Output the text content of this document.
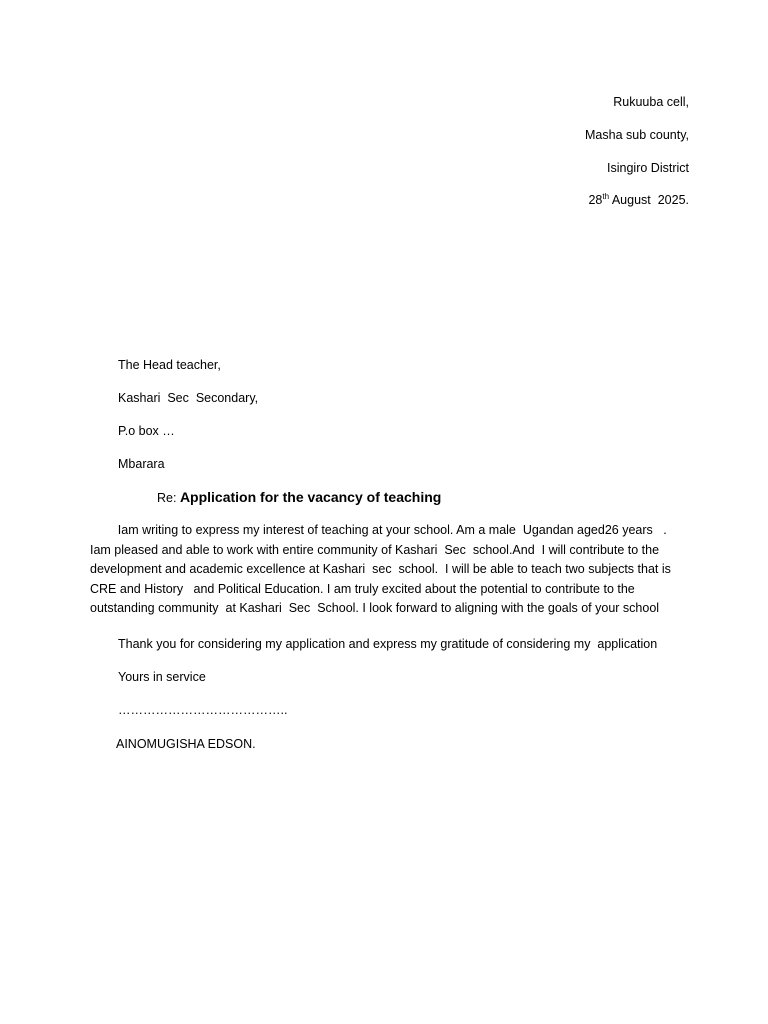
Rukuuba cell,
Masha sub county,
Isingiro District
28th August  2025.
The Head teacher,
Kashari  Sec  Secondary,
P.o box …
Mbarara
Re: Application for the vacancy of teaching
Iam writing to express my interest of teaching at your school. Am a male  Ugandan aged26 years   .
Iam pleased and able to work with entire community of Kashari  Sec  school.And  I will contribute to the
development and academic excellence at Kashari  sec  school.  I will be able to teach two subjects that is
CRE and History   and Political Education. I am truly excited about the potential to contribute to the
outstanding community  at Kashari  Sec  School. I look forward to aligning with the goals of your school
Thank you for considering my application and express my gratitude of considering my  application
Yours in service
…………………………………..
AINOMUGISHA EDSON.
